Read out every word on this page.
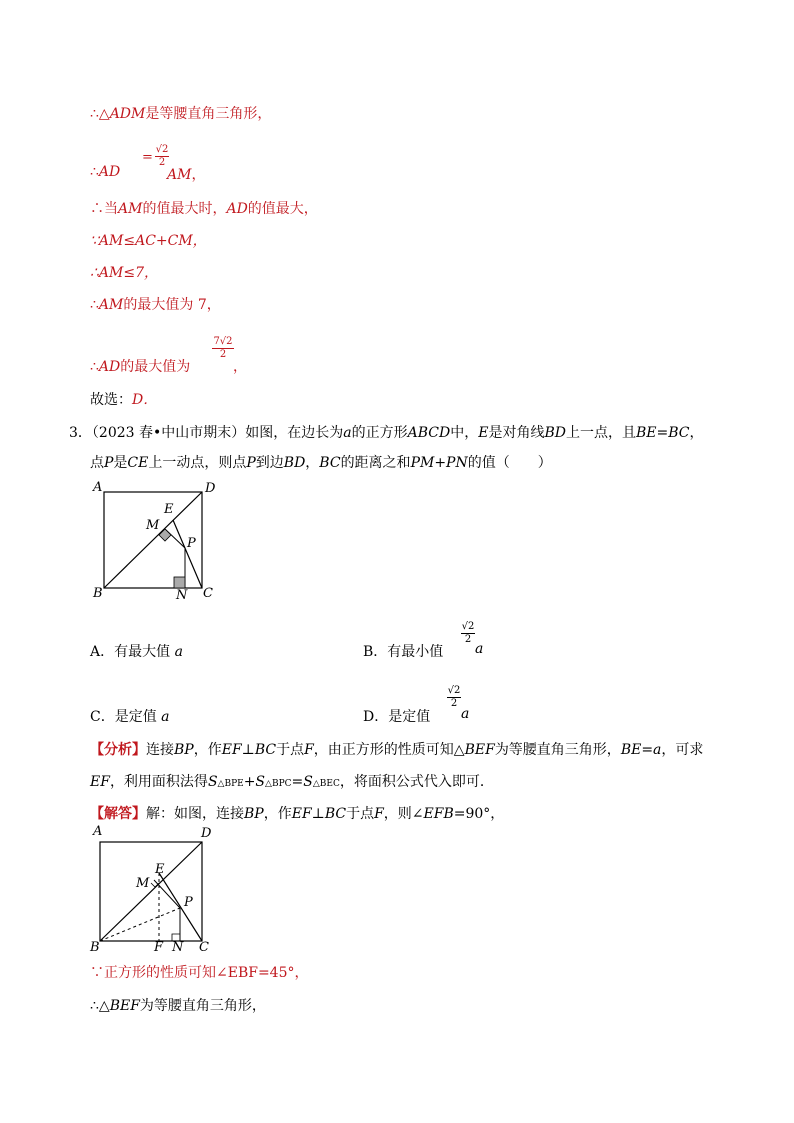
∴△ADM是等腰直角三角形，
∴AD
= $\frac{√2}{2}$
AM，
∴当AM的值最大时，AD的值最大，
∵AM≤AC+CM，
∴AM≤7，
∴AM的最大值为 7，
∴AD的最大值为
$\frac{7√2}{2}$
，
故选：D．
3．（2023 春•中山市期末）如图，在边长为a的正方形ABCD中，E是对角线BD上一点，且BE=BC，
点P是CE上一动点，则点P到边BD，BC的距离之和PM+PN的值（　　）
A	D
E
M
P
B	N C
A．有最大值 a	B．有最小值
$\frac{√2}{2}$
a
C．是定值 a	D．是定值
$\frac{√2}{2}$
a
【分析】连接BP，作EF⊥BC于点F，由正方形的性质可知△BEF为等腰直角三角形，BE=a，可求
EF，利用面积法得S△BPE+S△BPC=S△BEC，将面积公式代入即可．
【解答】解：如图，连接BP，作EF⊥BC于点F，则∠EFB=90°，
A	D
E
M
P
B	F N C
∵正方形的性质可知∠EBF=45°，
∴△BEF为等腰直角三角形，
